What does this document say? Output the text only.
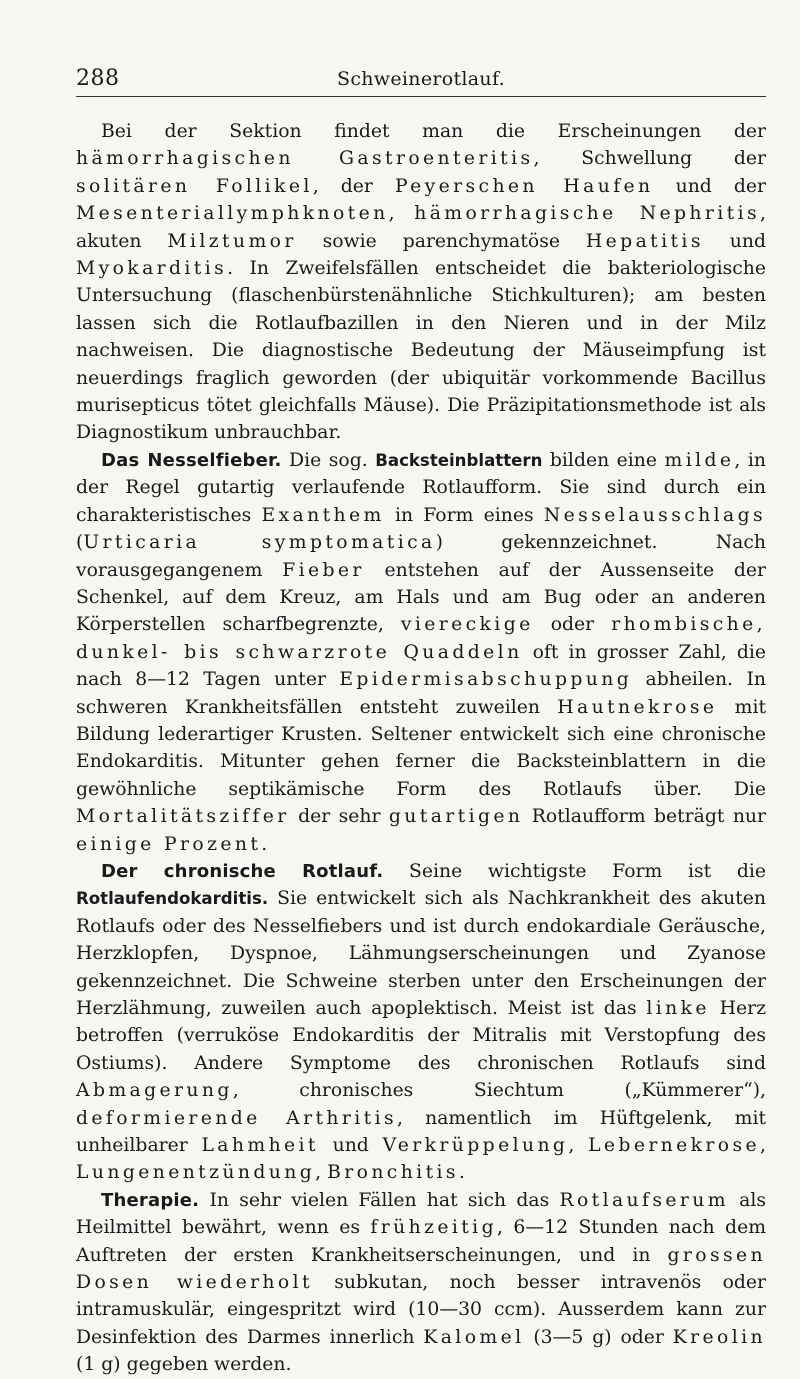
288	Schweinerotlauf.

Bei der Sektion findet man die Erscheinungen der hämorrhagischen Gastroenteritis, Schwellung der solitären Follikel, der Peyerschen Haufen und der Mesenteriallymphknoten, hämorrhagische Nephritis, akuten Milztumor sowie parenchymatöse Hepatitis und Myokarditis. In Zweifelsfällen entscheidet die bakteriologische Untersuchung (flaschenbürstenähnliche Stichkulturen); am besten lassen sich die Rotlaufbazillen in den Nieren und in der Milz nachweisen. Die diagnostische Bedeutung der Mäuseimpfung ist neuerdings fraglich geworden (der ubiquitär vorkommende Bacillus murisepticus tötet gleichfalls Mäuse). Die Präzipitationsmethode ist als Diagnostikum unbrauchbar.

Das Nesselfieber. Die sog. Backsteinblattern bilden eine milde, in der Regel gutartig verlaufende Rotlaufform. Sie sind durch ein charakteristisches Exanthem in Form eines Nesselausschlags (Urticaria symptomatica) gekennzeichnet. Nach vorausgegangenem Fieber entstehen auf der Aussenseite der Schenkel, auf dem Kreuz, am Hals und am Bug oder an anderen Körperstellen scharfbegrenzte, viereckige oder rhombische, dunkel- bis schwarzrote Quaddeln oft in grosser Zahl, die nach 8—12 Tagen unter Epidermisabschuppung abheilen. In schweren Krankheitsfällen entsteht zuweilen Hautnekrose mit Bildung lederartiger Krusten. Seltener entwickelt sich eine chronische Endokarditis. Mitunter gehen ferner die Backsteinblattern in die gewöhnliche septikämische Form des Rotlaufs über. Die Mortalitätsziffer der sehr gutartigen Rotlaufform beträgt nur einige Prozent.

Der chronische Rotlauf. Seine wichtigste Form ist die Rotlaufendokarditis. Sie entwickelt sich als Nachkrankheit des akuten Rotlaufs oder des Nesselfiebers und ist durch endokardiale Geräusche, Herzklopfen, Dyspnoe, Lähmungserscheinungen und Zyanose gekennzeichnet. Die Schweine sterben unter den Erscheinungen der Herzlähmung, zuweilen auch apoplektisch. Meist ist das linke Herz betroffen (verruköse Endokarditis der Mitralis mit Verstopfung des Ostiums). Andere Symptome des chronischen Rotlaufs sind Abmagerung, chronisches Siechtum („Kümmerer“), deformierende Arthritis, namentlich im Hüftgelenk, mit unheilbarer Lahmheit und Verkrüppelung, Lebernekrose, Lungenentzündung, Bronchitis.

Therapie. In sehr vielen Fällen hat sich das Rotlaufserum als Heilmittel bewährt, wenn es frühzeitig, 6—12 Stunden nach dem Auftreten der ersten Krankheitserscheinungen, und in grossen Dosen wiederholt subkutan, noch besser intravenös oder intramuskulär, eingespritzt wird (10—30 ccm). Ausserdem kann zur Desinfektion des Darmes innerlich Kalomel (3—5 g) oder Kreolin (1 g) gegeben werden.
